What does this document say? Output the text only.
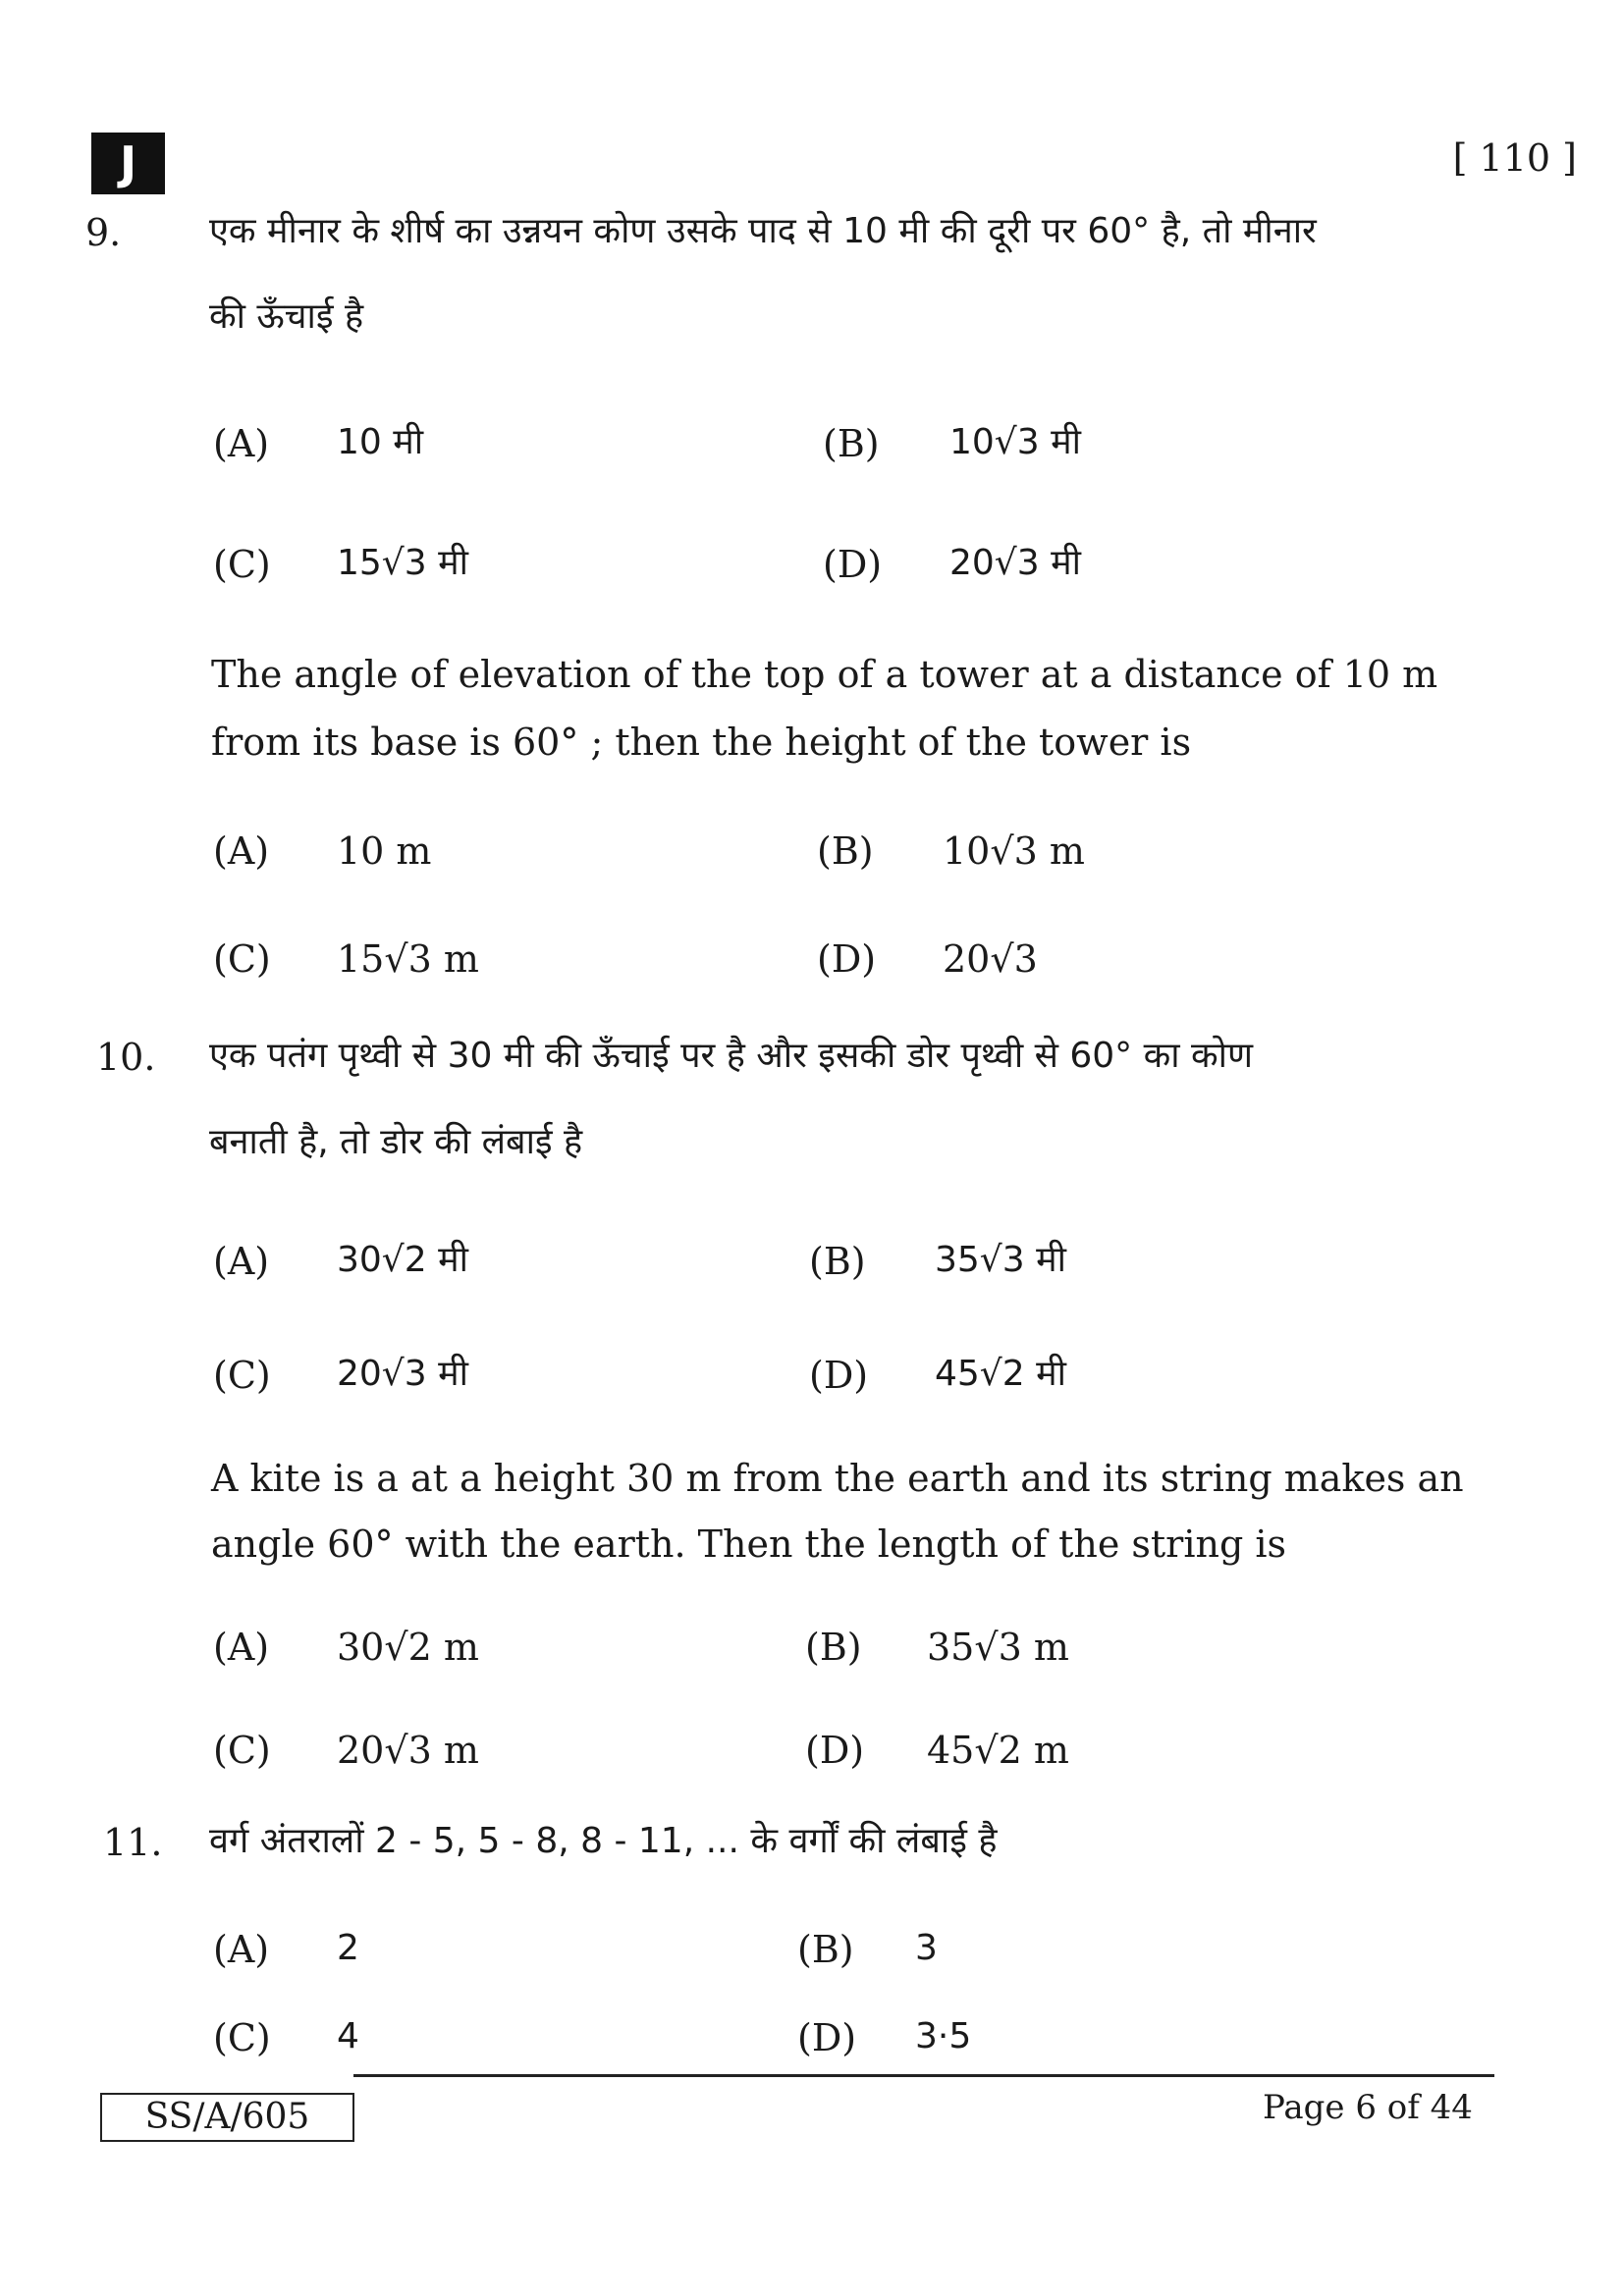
J	[ 110 ]
9. एक मीनार के शीर्ष का उन्नयन कोण उसके पाद से 10 मी की दूरी पर 60° है, तो मीनार
की ऊँचाई है
(A) 10 मी	(B) 10√3 मी
(C) 15√3 मी	(D) 20√3 मी
The angle of elevation of the top of a tower at a distance of 10 m
from its base is 60° ; then the height of the tower is
(A) 10 m	(B) 10√3 m
(C) 15√3 m	(D) 20√3
10. एक पतंग पृथ्वी से 30 मी की ऊँचाई पर है और इसकी डोर पृथ्वी से 60° का कोण
बनाती है, तो डोर की लंबाई है
(A) 30√2 मी	(B) 35√3 मी
(C) 20√3 मी	(D) 45√2 मी
A kite is a at a height 30 m from the earth and its string makes an
angle 60° with the earth. Then the length of the string is
(A) 30√2 m	(B) 35√3 m
(C) 20√3 m	(D) 45√2 m
11. वर्ग अंतरालों 2 - 5, 5 - 8, 8 - 11, ... के वर्गों की लंबाई है
(A) 2	(B) 3
(C) 4	(D) 3·5
SS/A/605	Page 6 of 44
